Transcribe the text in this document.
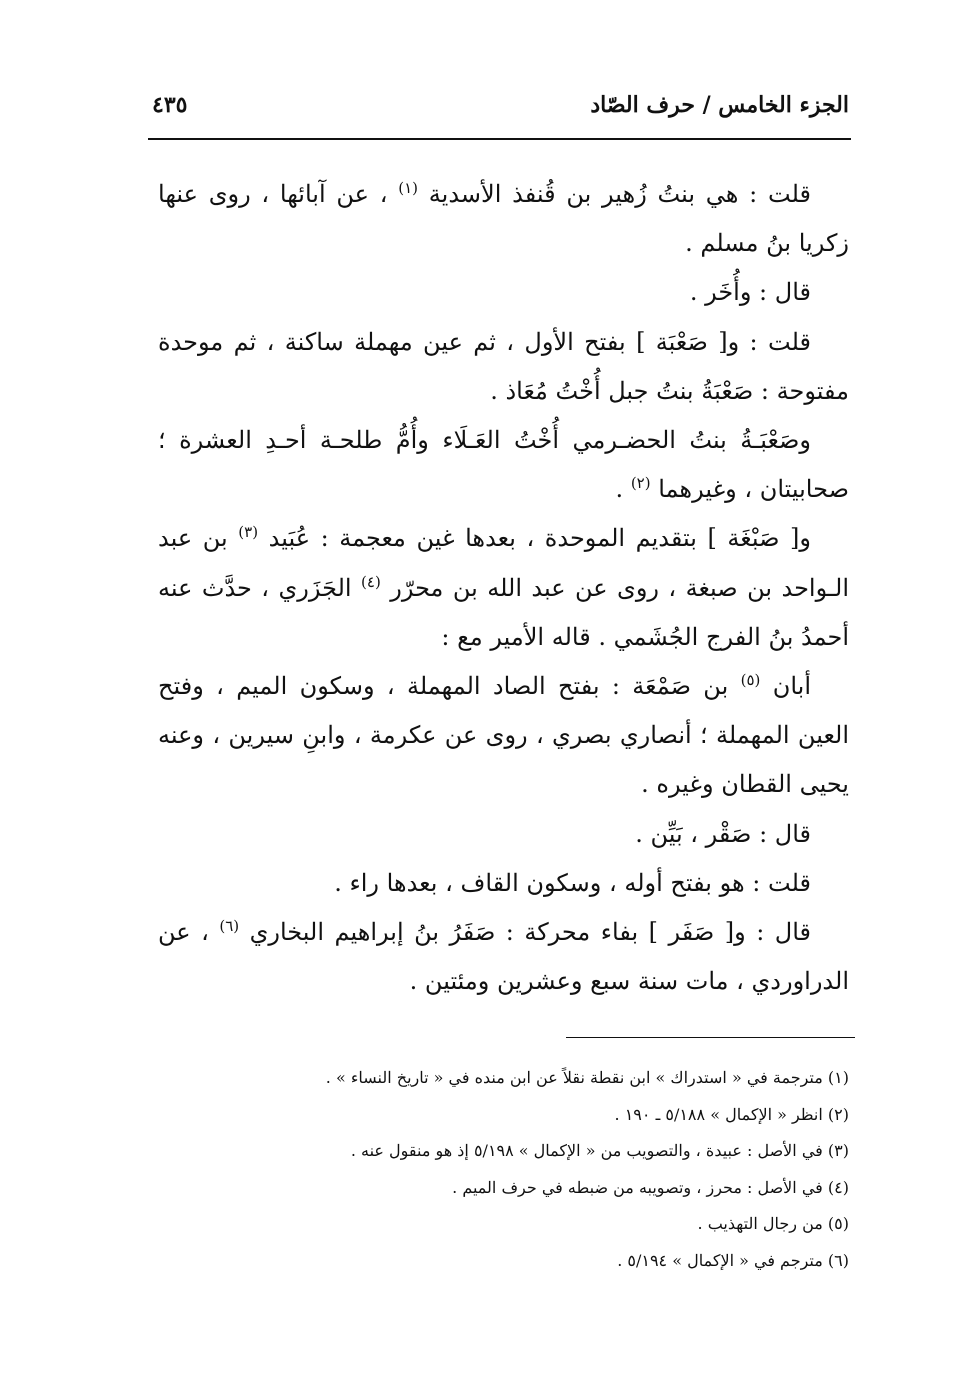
الجزء الخامس / حرف الصّاد
٤٣٥

قلت : هي بنتُ زُهير بن قُنفذ الأسدية $^{(١)}$ ، عن آبائها ، روى عنها زكريا بنُ مسلم .

قال : وأُخَر .

قلت : و[ صَعْبَة ] بفتح الأول ، ثم عين مهملة ساكنة ، ثم موحدة مفتوحة : صَعْبَةُ بنتُ جبل أُخْتُ مُعَاذ .

وصَعْبَـةُ بنتُ الحضـرمي أُخْتُ العَـلَاء وأُمُّ طلحـة أحـدِ العشرة ؛ صحابيتان ، وغيرهما $^{(٢)}$ .

و[ صَبْغَة ] بتقديم الموحدة ، بعدها غين معجمة : عُبَيد $^{(٣)}$ بن عبد الـواحد بن صبغة ، روى عن عبد الله بن محرّر $^{(٤)}$ الجَزَري ، حدَّث عنه أحمدُ بنُ الفرج الجُشَمي . قاله الأمير مع :

أبان $^{(٥)}$ بن صَمْعَة : بفتح الصاد المهملة ، وسكون الميم ، وفتح العين المهملة ؛ أنصاري بصري ، روى عن عكرمة ، وابنِ سيرين ، وعنه يحيى القطان وغيره .

قال : صَقْر ، بَيِّن .

قلت : هو بفتح أوله ، وسكون القاف ، بعدها راء .

قال : و[ صَفَر ] بفاء محركة : صَفَرُ بنُ إبراهيم البخاري $^{(٦)}$ ، عن الدراوردي ، مات سنة سبع وعشرين ومئتين .

(١) مترجمة في « استدراك » ابن نقطة نقلاً عن ابن منده في « تاريخ النساء » .
(٢) انظر « الإكمال » ٥/١٨٨ ـ ١٩٠ .
(٣) في الأصل : عبيدة ، والتصويب من « الإكمال » ٥/١٩٨ إذ هو منقول عنه .
(٤) في الأصل : محرز ، وتصويبه من ضبطه في حرف الميم .
(٥) من رجال التهذيب .
(٦) مترجم في « الإكمال » ٥/١٩٤ .
